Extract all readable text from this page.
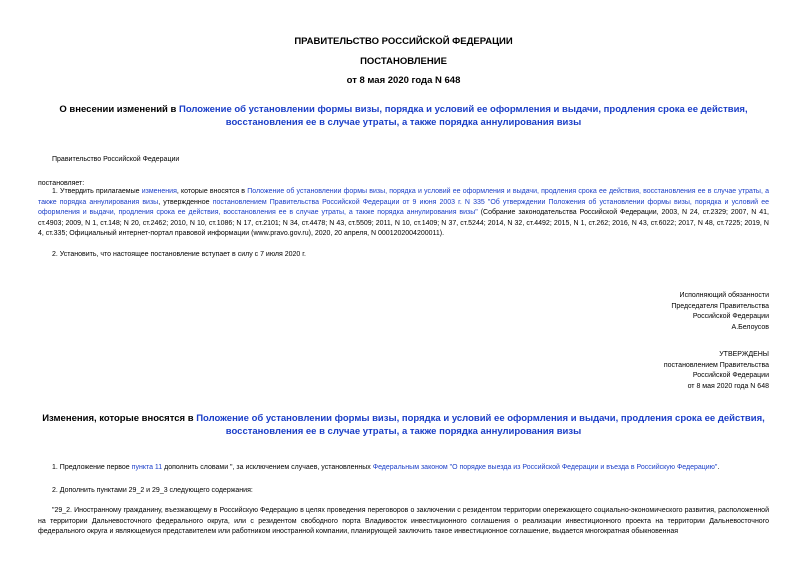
ПРАВИТЕЛЬСТВО РОССИЙСКОЙ ФЕДЕРАЦИИ
ПОСТАНОВЛЕНИЕ
от 8 мая 2020 года N 648
О внесении изменений в Положение об установлении формы визы, порядка и условий ее оформления и выдачи, продления срока ее действия, восстановления ее в случае утраты, а также порядка аннулирования визы
Правительство Российской Федерации
постановляет:
1. Утвердить прилагаемые изменения, которые вносятся в Положение об установлении формы визы, порядка и условий ее оформления и выдачи, продления срока ее действия, восстановления ее в случае утраты, а также порядка аннулирования визы, утвержденное постановлением Правительства Российской Федерации от 9 июня 2003 г. N 335 "Об утверждении Положения об установлении формы визы, порядка и условий ее оформления и выдачи, продления срока ее действия, восстановления ее в случае утраты, а также порядка аннулирования визы" (Собрание законодательства Российской Федерации, 2003, N 24, ст.2329; 2007, N 41, ст.4903; 2009, N 1, ст.148; N 20, ст.2462; 2010, N 10, ст.1086; N 17, ст.2101; N 34, ст.4478; N 43, ст.5509; 2011, N 10, ст.1409; N 37, ст.5244; 2014, N 32, ст.4492; 2015, N 1, ст.262; 2016, N 43, ст.6022; 2017, N 48, ст.7225; 2019, N 4, ст.335; Официальный интернет-портал правовой информации (www.pravo.gov.ru), 2020, 20 апреля, N 0001202004200011).
2. Установить, что настоящее постановление вступает в силу с 7 июля 2020 г.
Исполняющий обязанности
Председателя Правительства
Российской Федерации
А.Белоусов
УТВЕРЖДЕНЫ
постановлением Правительства
Российской Федерации
от 8 мая 2020 года N 648
Изменения, которые вносятся в Положение об установлении формы визы, порядка и условий ее оформления и выдачи, продления срока ее действия, восстановления ее в случае утраты, а также порядка аннулирования визы
1. Предложение первое пункта 11 дополнить словами ", за исключением случаев, установленных Федеральным законом "О порядке выезда из Российской Федерации и въезда в Российскую Федерацию".
2. Дополнить пунктами 29_2 и 29_3 следующего содержания:
"29_2. Иностранному гражданину, въезжающему в Российскую Федерацию в целях проведения переговоров о заключении с резидентом территории опережающего социально-экономического развития, расположенной на территории Дальневосточного федерального округа, или с резидентом свободного порта Владивосток инвестиционного соглашения о реализации инвестиционного проекта на территории Дальневосточного федерального округа и являющемуся представителем или работником иностранной компании, планирующей заключить такое инвестиционное соглашение, выдается многократная обыкновенная
